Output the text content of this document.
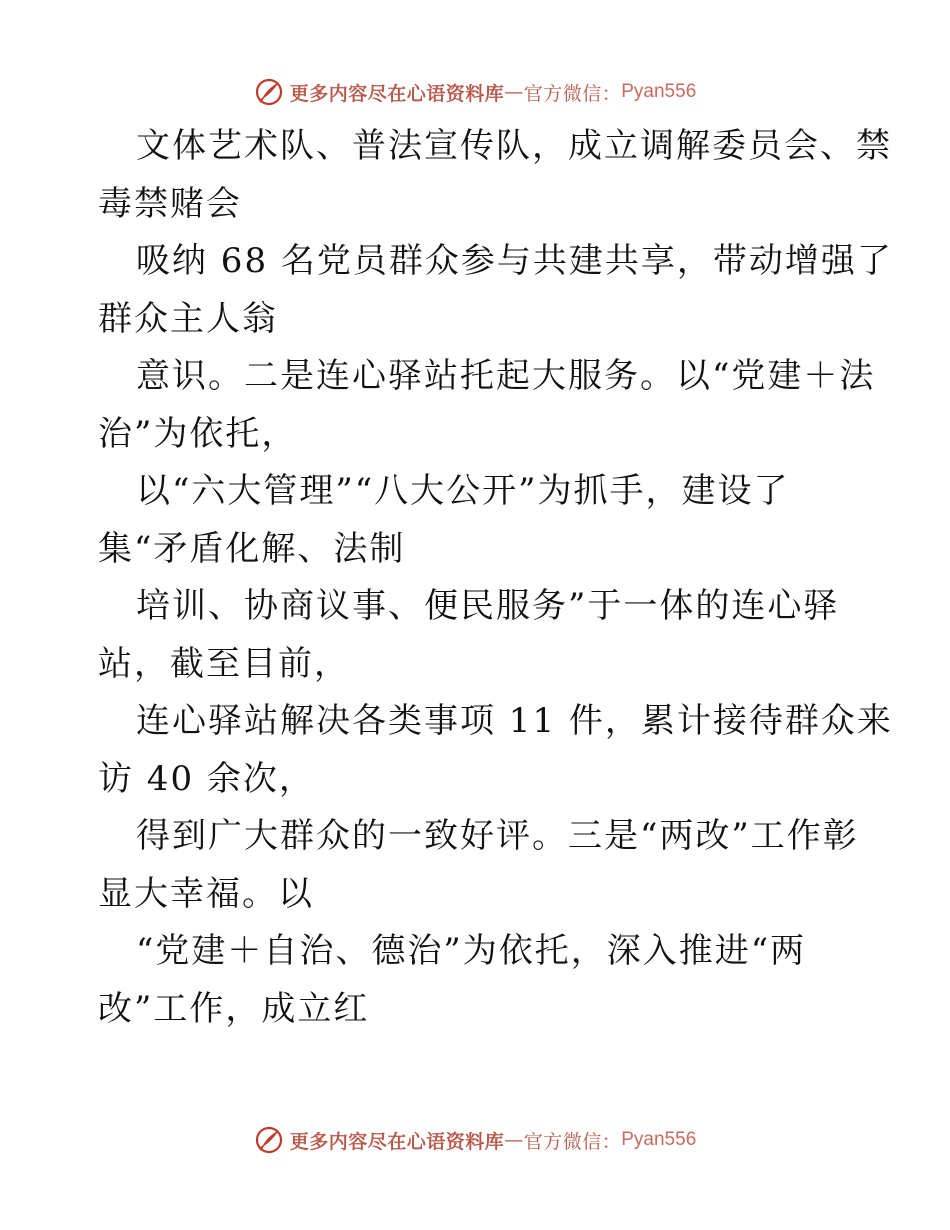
更多内容尽在心语资料库 — 官方微信： Pyan556

文体艺术队、普法宣传队，成立调解委员会、禁
毒禁赌会

吸纳 68 名党员群众参与共建共享，带动增强了
群众主人翁

意识。二是连心驿站托起大服务。以“党建＋法
治”为依托，

以“六大管理”“八大公开”为抓手，建设了
集“矛盾化解、法制

培训、协商议事、便民服务”于一体的连心驿
站，截至目前，

连心驿站解决各类事项 11 件，累计接待群众来
访 40 余次，

得到广大群众的一致好评。三是“两改”工作彰
显大幸福。以

“党建＋自治、德治”为依托，深入推进“两
改”工作，成立红

更多内容尽在心语资料库 — 官方微信： Pyan556
